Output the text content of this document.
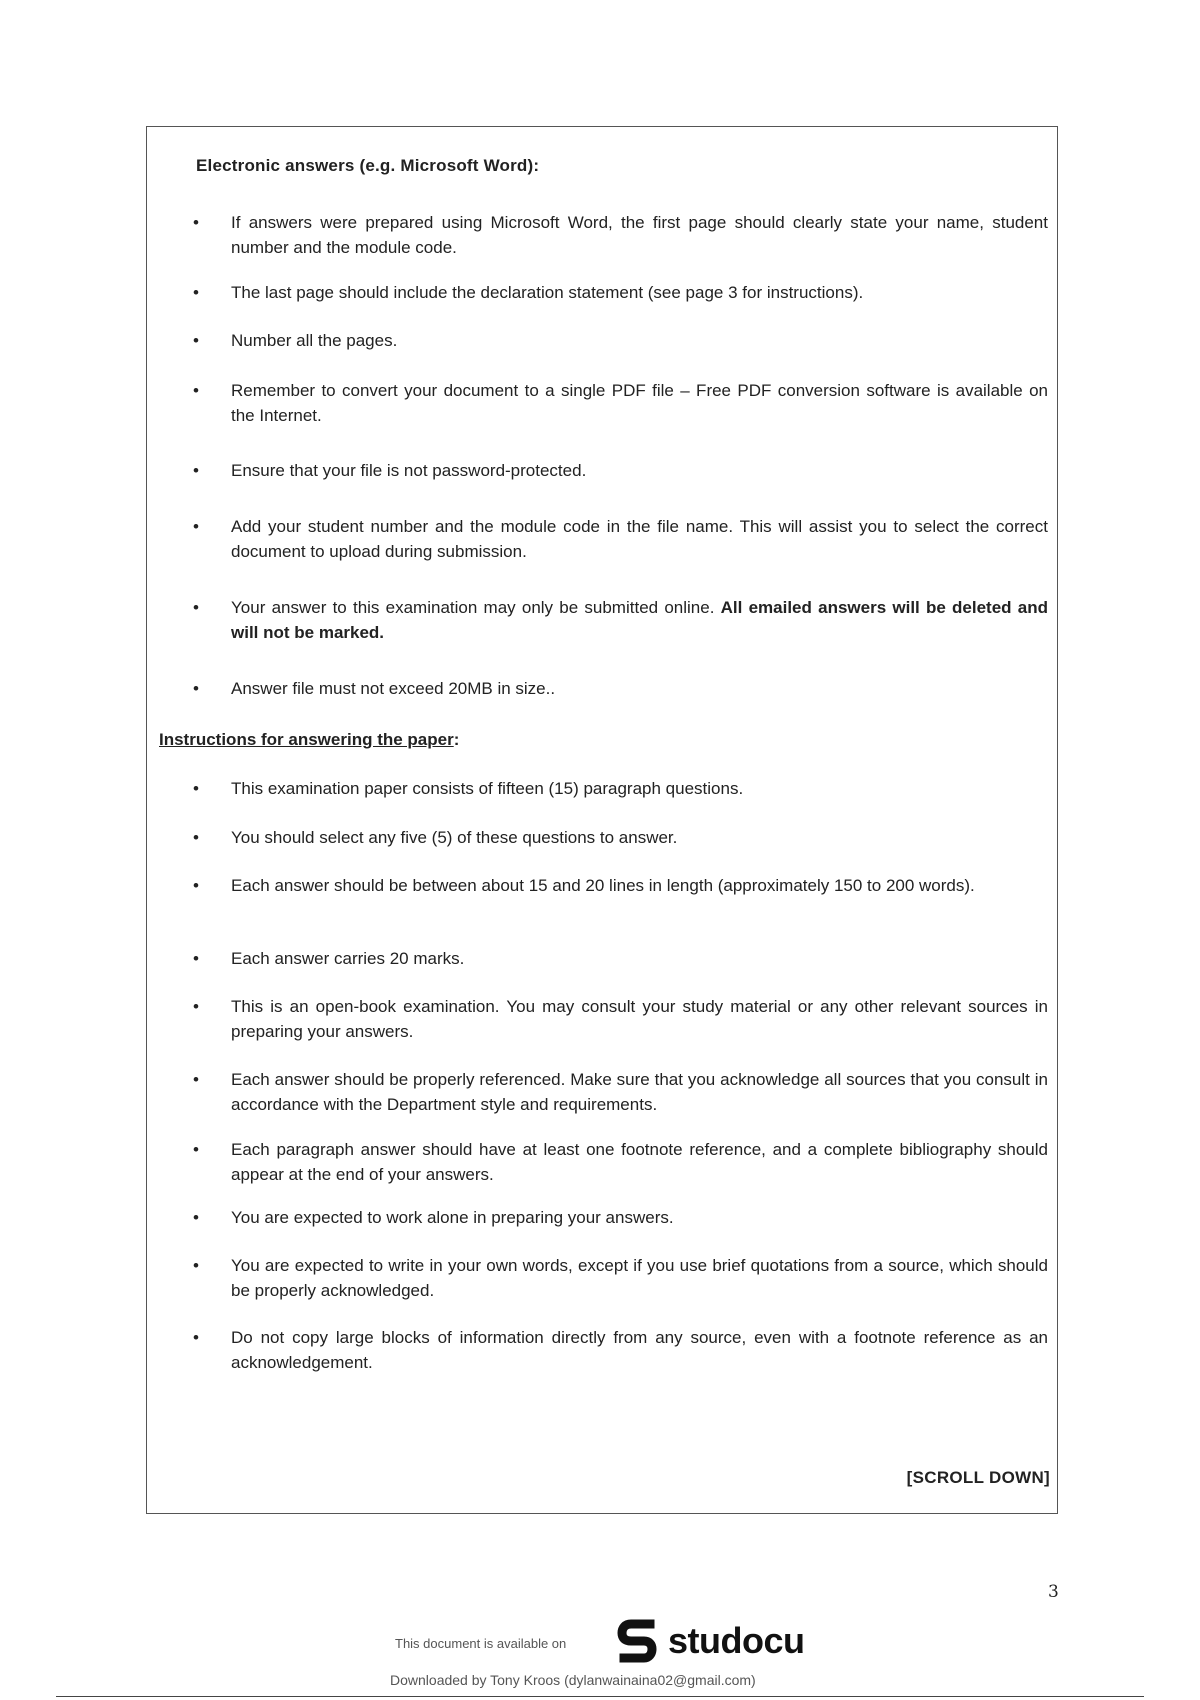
Electronic answers (e.g. Microsoft Word):
• If answers were prepared using Microsoft Word, the first page should clearly state your name, student number and the module code.
• The last page should include the declaration statement (see page 3 for instructions).
• Number all the pages.
• Remember to convert your document to a single PDF file – Free PDF conversion software is available on the Internet.
• Ensure that your file is not password-protected.
• Add your student number and the module code in the file name. This will assist you to select the correct document to upload during submission.
• Your answer to this examination may only be submitted online. All emailed answers will be deleted and will not be marked.
• Answer file must not exceed 20MB in size..
Instructions for answering the paper:
• This examination paper consists of fifteen (15) paragraph questions.
• You should select any five (5) of these questions to answer.
• Each answer should be between about 15 and 20 lines in length (approximately 150 to 200 words).
• Each answer carries 20 marks.
• This is an open-book examination. You may consult your study material or any other relevant sources in preparing your answers.
• Each answer should be properly referenced. Make sure that you acknowledge all sources that you consult in accordance with the Department style and requirements.
• Each paragraph answer should have at least one footnote reference, and a complete bibliography should appear at the end of your answers.
• You are expected to work alone in preparing your answers.
• You are expected to write in your own words, except if you use brief quotations from a source, which should be properly acknowledged.
• Do not copy large blocks of information directly from any source, even with a footnote reference as an acknowledgement.
[SCROLL DOWN]
3
This document is available on	studocu
Downloaded by Tony Kroos (dylanwainaina02@gmail.com)
